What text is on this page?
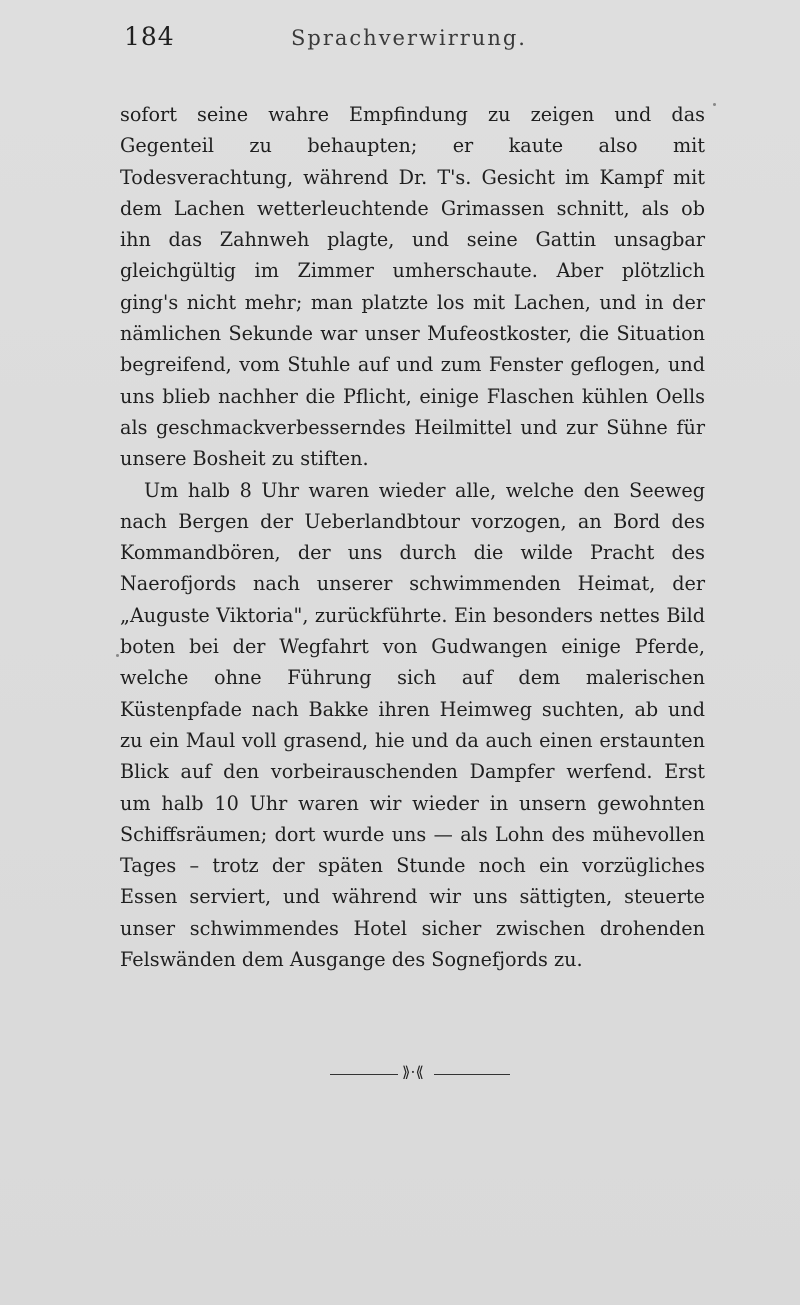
184	Sprachverwirrung.

sofort seine wahre Empfindung zu zeigen und das Gegenteil zu behaupten; er kaute also mit Todesverachtung, während Dr. T's. Gesicht im Kampf mit dem Lachen wetterleuchtende Grimassen schnitt, als ob ihn das Zahnweh plagte, und seine Gattin unsagbar gleichgültig im Zimmer umherschaute. Aber plötzlich ging's nicht mehr; man platzte los mit Lachen, und in der nämlichen Sekunde war unser Mufeostkoster, die Situation begreifend, vom Stuhle auf und zum Fenster geflogen, und uns blieb nachher die Pflicht, einige Flaschen kühlen Oells als geschmackverbesserndes Heilmittel und zur Sühne für unsere Bosheit zu stiften.

Um halb 8 Uhr waren wieder alle, welche den Seeweg nach Bergen der Ueberlandbtour vorzogen, an Bord des Kommandbören, der uns durch die wilde Pracht des Naerofjords nach unserer schwimmenden Heimat, der „Auguste Viktoria", zurückführte. Ein besonders nettes Bild boten bei der Wegfahrt von Gudwangen einige Pferde, welche ohne Führung sich auf dem malerischen Küstenpfade nach Bakke ihren Heimweg suchten, ab und zu ein Maul voll grasend, hie und da auch einen erstaunten Blick auf den vorbeirauschenden Dampfer werfend. Erst um halb 10 Uhr waren wir wieder in unsern gewohnten Schiffsräumen; dort wurde uns — als Lohn des mühevollen Tages – trotz der späten Stunde noch ein vorzügliches Essen serviert, und während wir uns sättigten, steuerte unser schwimmendes Hotel sicher zwischen drohenden Felswänden dem Ausgange des Sognefjords zu.

⟫⋅⟪
